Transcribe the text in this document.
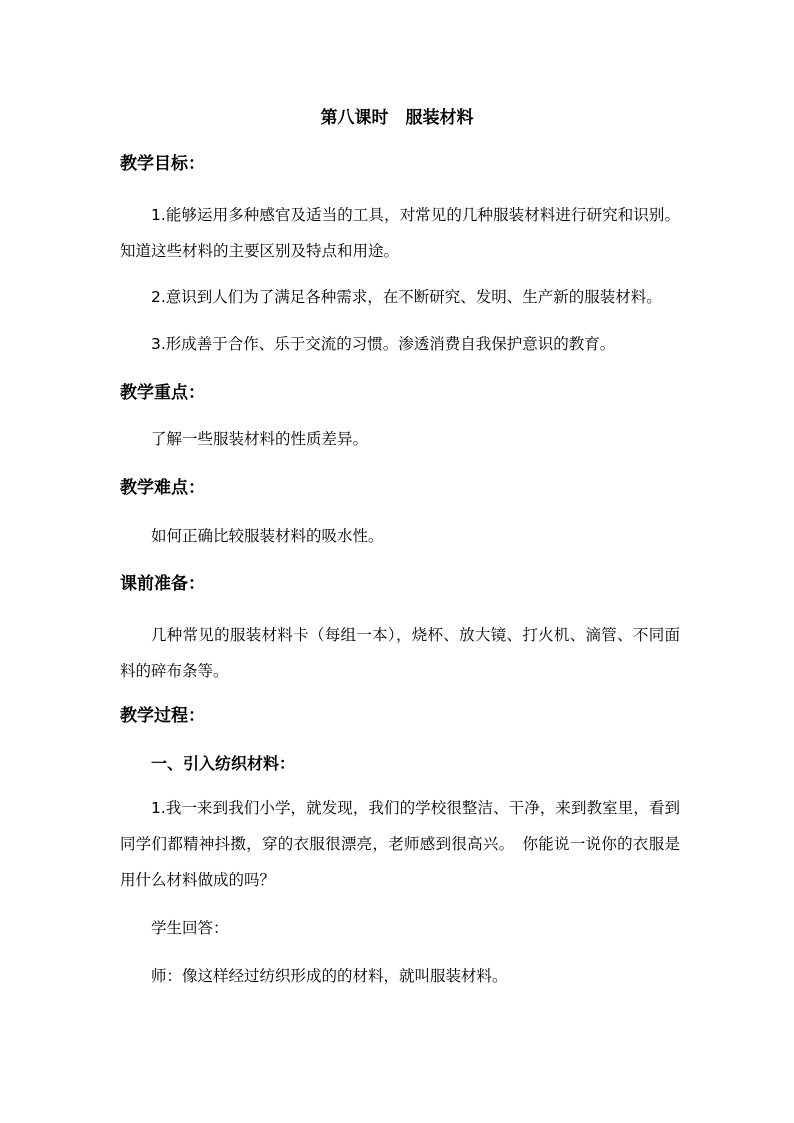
第八课时　服装材料
教学目标：
1.能够运用多种感官及适当的工具，对常见的几种服装材料进行研究和识别。知道这些材料的主要区别及特点和用途。
2.意识到人们为了满足各种需求，在不断研究、发明、生产新的服装材料。
3.形成善于合作、乐于交流的习惯。渗透消费自我保护意识的教育。
教学重点：
了解一些服装材料的性质差异。
教学难点：
如何正确比较服装材料的吸水性。
课前准备：
几种常见的服装材料卡（每组一本），烧杯、放大镜、打火机、滴管、不同面料的碎布条等。
教学过程：
一、引入纺织材料：
1.我一来到我们小学，就发现，我们的学校很整洁、干净，来到教室里，看到同学们都精神抖擞，穿的衣服很漂亮，老师感到很高兴。　你能说一说你的衣服是用什么材料做成的吗？
学生回答：
师：像这样经过纺织形成的的材料，就叫服装材料。
